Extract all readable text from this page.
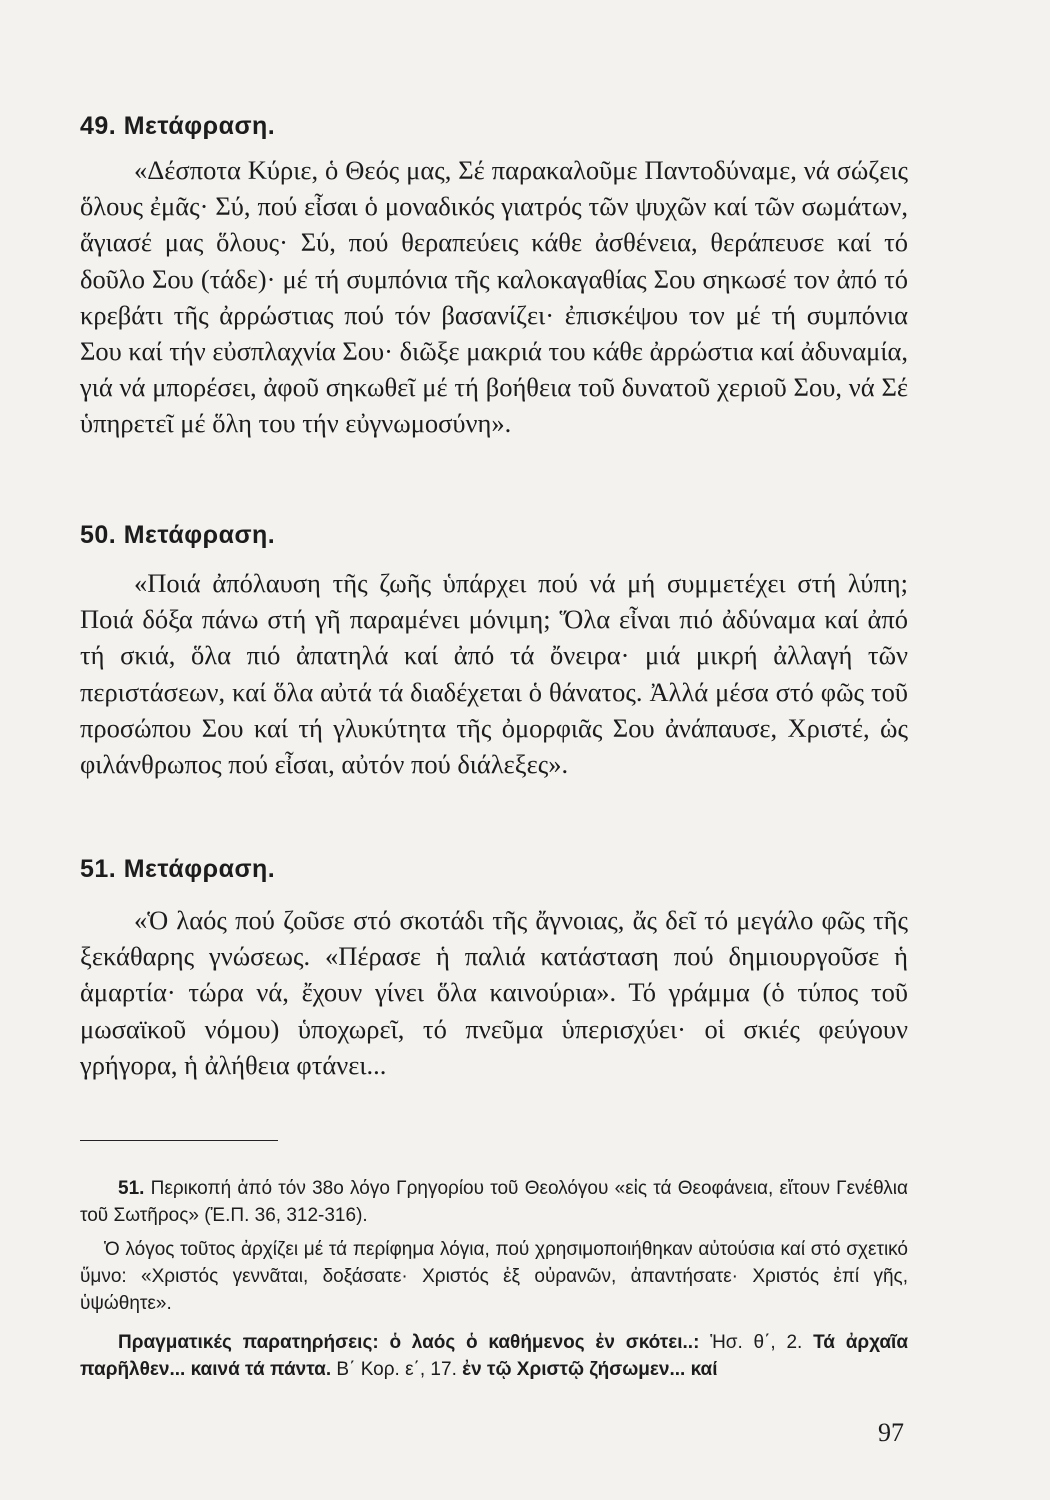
49. Μετάφραση.

«Δέσποτα Κύριε, ὁ Θεός μας, Σέ παρακαλοῦμε Παντοδύναμε, νά σώζεις ὅλους ἐμᾶς· Σύ, πού εἶσαι ὁ μοναδικός γιατρός τῶν ψυχῶν καί τῶν σωμάτων, ἅγιασέ μας ὅλους· Σύ, πού θεραπεύεις κάθε ἀσθένεια, θεράπευσε καί τό δοῦλο Σου (τάδε)· μέ τή συμπόνια τῆς καλοκαγαθίας Σου σηκωσέ τον ἀπό τό κρεβάτι τῆς ἀρρώστιας πού τόν βασανίζει· ἐπισκέψου τον μέ τή συμπόνια Σου καί τήν εὐσπλαχνία Σου· διῶξε μακριά του κάθε ἀρρώστια καί ἀδυναμία, γιά νά μπορέσει, ἀφοῦ σηκωθεῖ μέ τή βοήθεια τοῦ δυνατοῦ χεριοῦ Σου, νά Σέ ὑπηρετεῖ μέ ὅλη του τήν εὐγνωμοσύνη».

50. Μετάφραση.

«Ποιά ἀπόλαυση τῆς ζωῆς ὑπάρχει πού νά μή συμμετέχει στή λύπη; Ποιά δόξα πάνω στή γῆ παραμένει μόνιμη; Ὅλα εἶναι πιό ἀδύναμα καί ἀπό τή σκιά, ὅλα πιό ἀπατηλά καί ἀπό τά ὄνειρα· μιά μικρή ἀλλαγή τῶν περιστάσεων, καί ὅλα αὐτά τά διαδέχεται ὁ θάνατος. Ἀλλά μέσα στό φῶς τοῦ προσώπου Σου καί τή γλυκύτητα τῆς ὀμορφιᾶς Σου ἀνάπαυσε, Χριστέ, ὡς φιλάνθρωπος πού εἶσαι, αὐτόν πού διάλεξες».

51. Μετάφραση.

«Ὁ λαός πού ζοῦσε στό σκοτάδι τῆς ἄγνοιας, ἄς δεῖ τό μεγάλο φῶς τῆς ξεκάθαρης γνώσεως. «Πέρασε ἡ παλιά κατάσταση πού δημιουργοῦσε ἡ ἁμαρτία· τώρα νά, ἔχουν γίνει ὅλα καινούρια». Τό γράμμα (ὁ τύπος τοῦ μωσαϊκοῦ νόμου) ὑποχωρεῖ, τό πνεῦμα ὑπερισχύει· οἱ σκιές φεύγουν γρήγορα, ἡ ἀλήθεια φτάνει...

51. Περικοπή ἀπό τόν 38ο λόγο Γρηγορίου τοῦ Θεολόγου «εἰς τά Θεοφάνεια, εἴτουν Γενέθλια τοῦ Σωτῆρος» (Ἐ.Π. 36, 312-316).

Ὁ λόγος τοῦτος ἀρχίζει μέ τά περίφημα λόγια, πού χρησιμοποιήθηκαν αὐτούσια καί στό σχετικό ὕμνο: «Χριστός γεννᾶται, δοξάσατε· Χριστός ἐξ οὐρανῶν, ἀπαντήσατε· Χριστός ἐπί γῆς, ὑψώθητε».

Πραγματικές παρατηρήσεις: ὁ λαός ὁ καθήμενος ἐν σκότει..: Ἡσ. θ΄, 2. Τά ἀρχαῖα παρῆλθεν... καινά τά πάντα. Β΄ Κορ. ε΄, 17. ἐν τῷ Χριστῷ ζήσωμεν... καί

97
